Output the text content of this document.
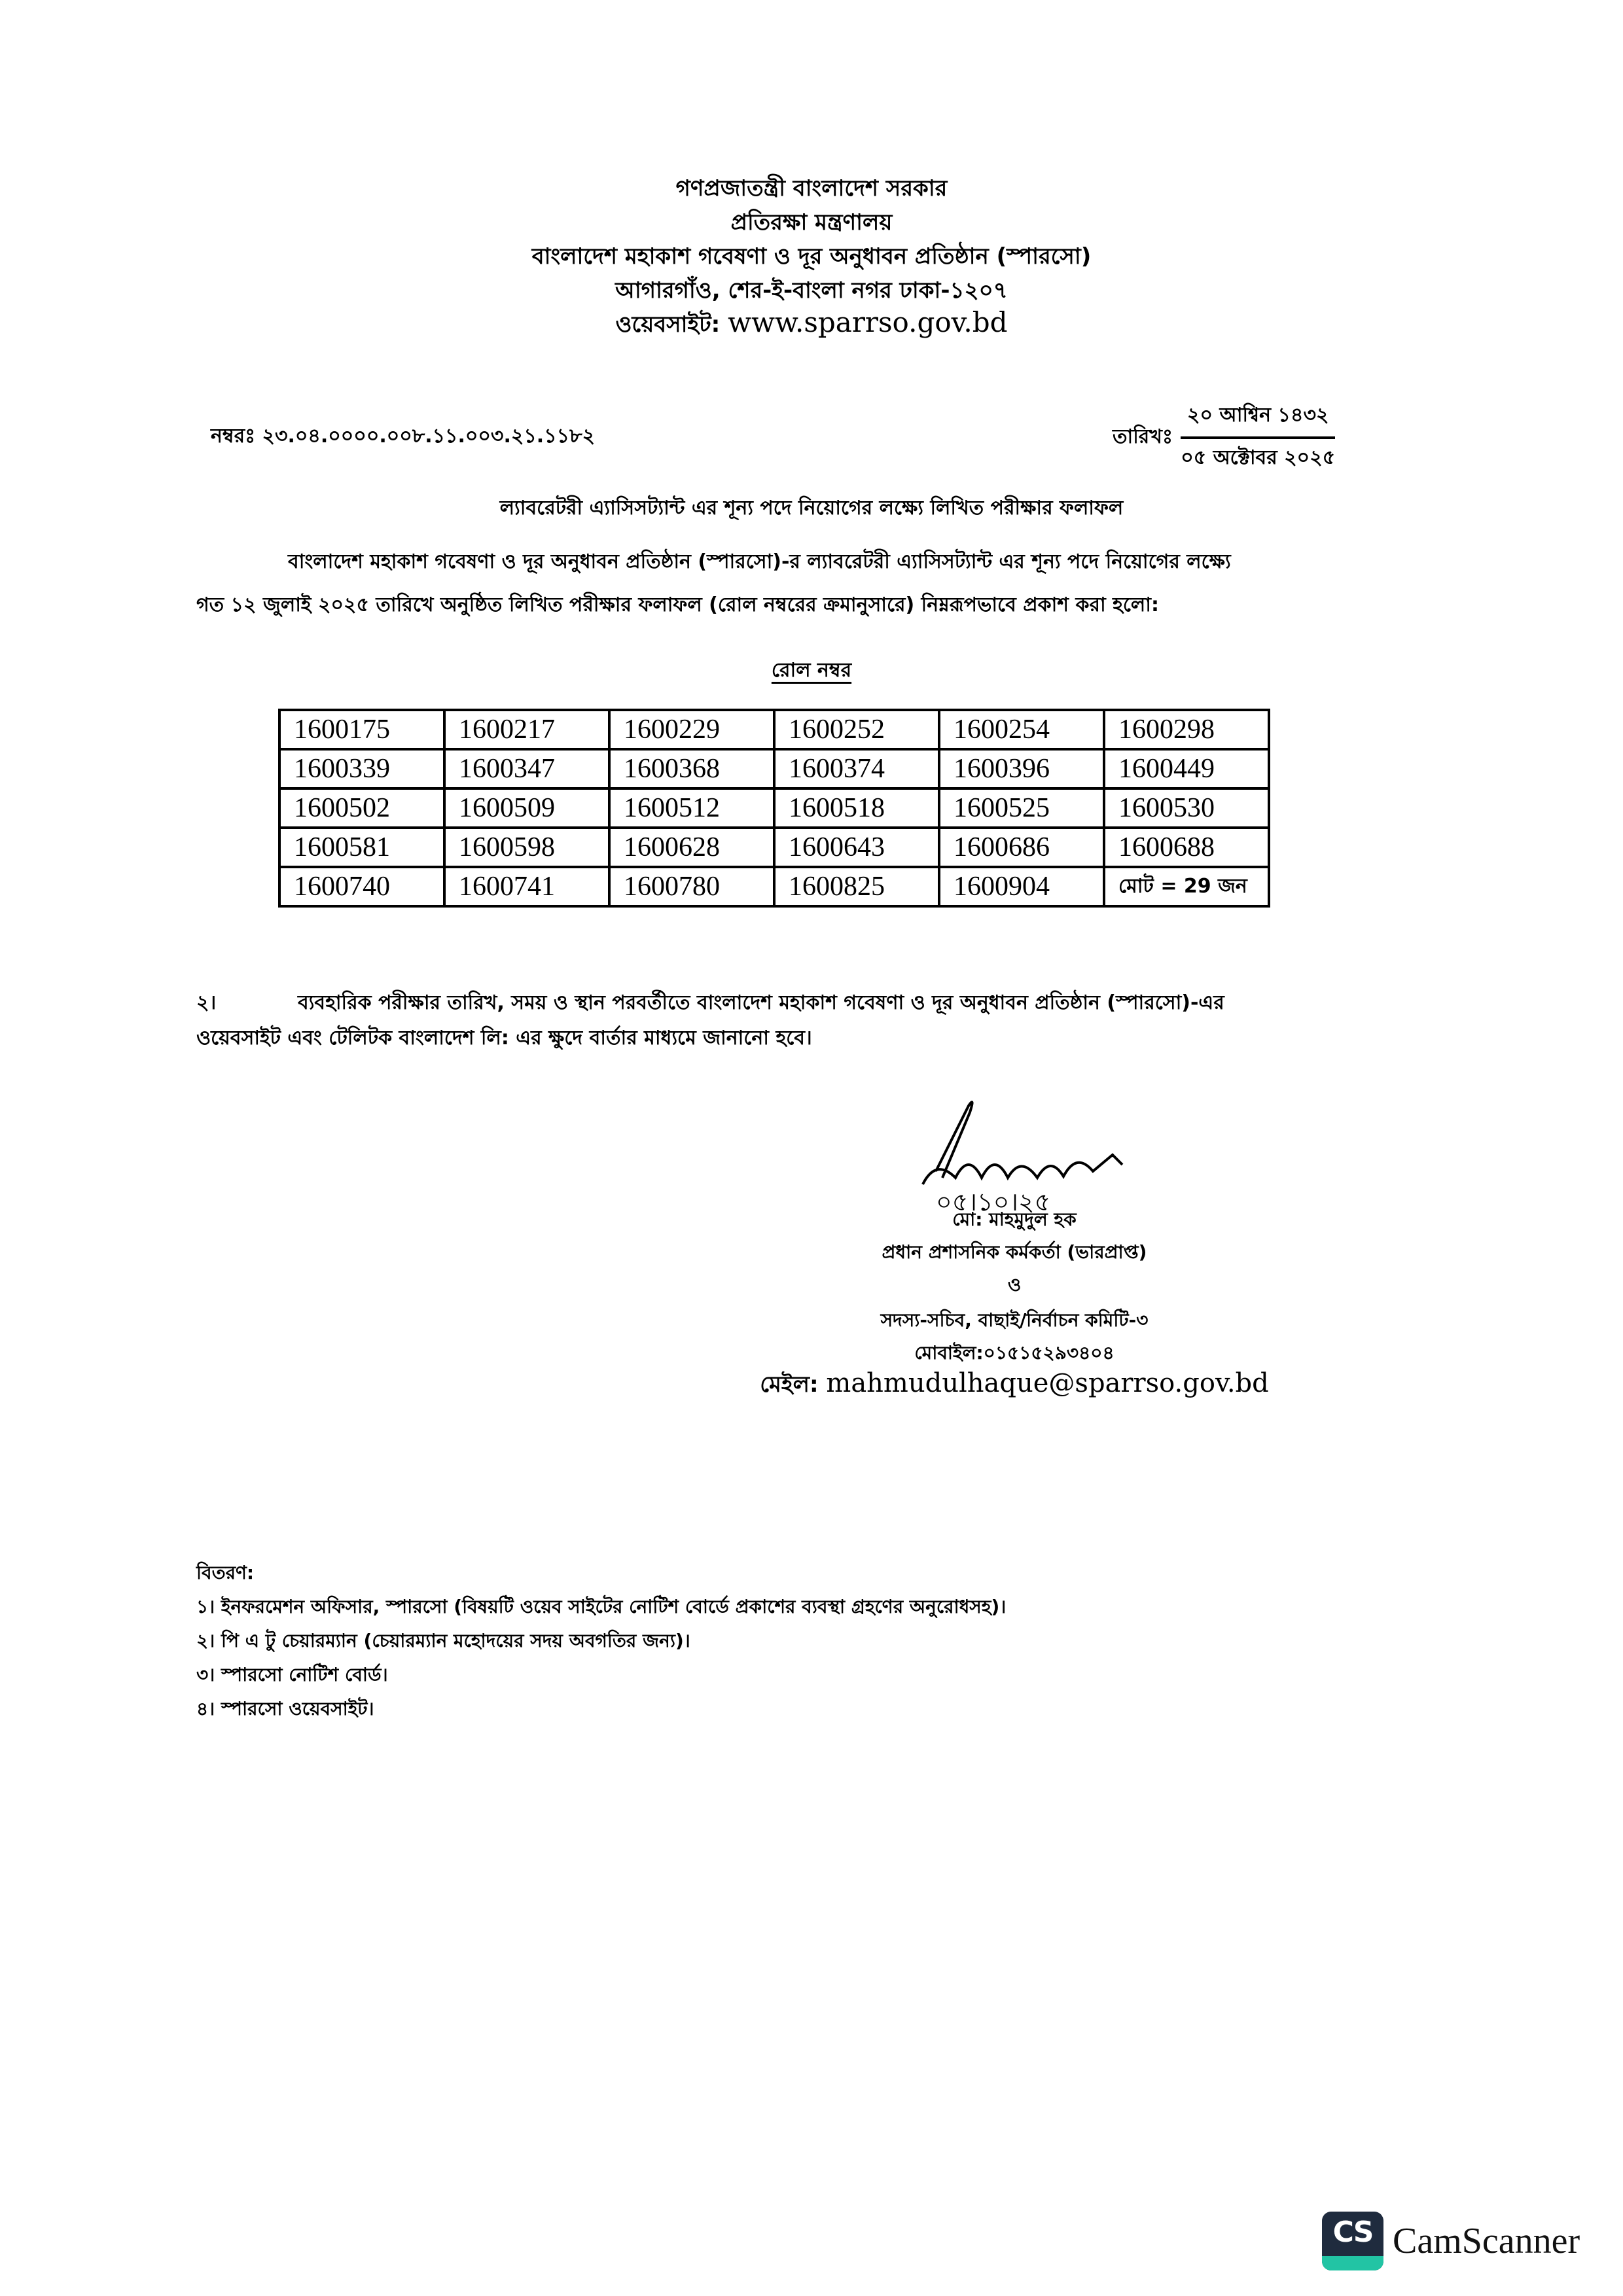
গণপ্রজাতন্ত্রী বাংলাদেশ সরকার
প্রতিরক্ষা মন্ত্রণালয়
বাংলাদেশ মহাকাশ গবেষণা ও দূর অনুধাবন প্রতিষ্ঠান (স্পারসো)
আগারগাঁও, শের-ই-বাংলা নগর ঢাকা-১২০৭
ওয়েবসাইট: www.sparrso.gov.bd
নম্বরঃ ২৩.০৪.০০০০.০০৮.১১.০০৩.২১.১১৮২	তারিখঃ $\frac{\text{২০ আশ্বিন ১৪৩২}}{\text{০৫ অক্টোবর ২০২৫}}$
ল্যাবরেটরী এ্যাসিসট্যান্ট এর শূন্য পদে নিয়োগের লক্ষ্যে লিখিত পরীক্ষার ফলাফল
বাংলাদেশ মহাকাশ গবেষণা ও দূর অনুধাবন প্রতিষ্ঠান (স্পারসো)-র ল্যাবরেটরী এ্যাসিসট্যান্ট এর শূন্য পদে নিয়োগের লক্ষ্যে
গত ১২ জুলাই ২০২৫ তারিখে অনুষ্ঠিত লিখিত পরীক্ষার ফলাফল (রোল নম্বরের ক্রমানুসারে) নিম্নরূপভাবে প্রকাশ করা হলো:
রোল নম্বর
1600175	1600217	1600229	1600252	1600254	1600298
1600339	1600347	1600368	1600374	1600396	1600449
1600502	1600509	1600512	1600518	1600525	1600530
1600581	1600598	1600628	1600643	1600686	1600688
1600740	1600741	1600780	1600825	1600904	মোট = 29 জন
২।	ব্যবহারিক পরীক্ষার তারিখ, সময় ও স্থান পরবর্তীতে বাংলাদেশ মহাকাশ গবেষণা ও দূর অনুধাবন প্রতিষ্ঠান (স্পারসো)-এর
ওয়েবসাইট এবং টেলিটক বাংলাদেশ লি: এর ক্ষুদে বার্তার মাধ্যমে জানানো হবে।
০৫।১০।২৫
মো: মাহমুদুল হক
প্রধান প্রশাসনিক কর্মকর্তা (ভারপ্রাপ্ত)
ও
সদস্য-সচিব, বাছাই/নির্বাচন কমিটি-৩
মোবাইল:০১৫১৫২৯৩৪০৪
মেইল: mahmudulhaque@sparrso.gov.bd
বিতরণ:
১। ইনফরমেশন অফিসার, স্পারসো (বিষয়টি ওয়েব সাইটের নোটিশ বোর্ডে প্রকাশের ব্যবস্থা গ্রহণের অনুরোধসহ)।
২। পি এ টু চেয়ারম্যান (চেয়ারম্যান মহোদয়ের সদয় অবগতির জন্য)।
৩। স্পারসো নোটিশ বোর্ড।
৪। স্পারসো ওয়েবসাইট।
CS CamScanner
